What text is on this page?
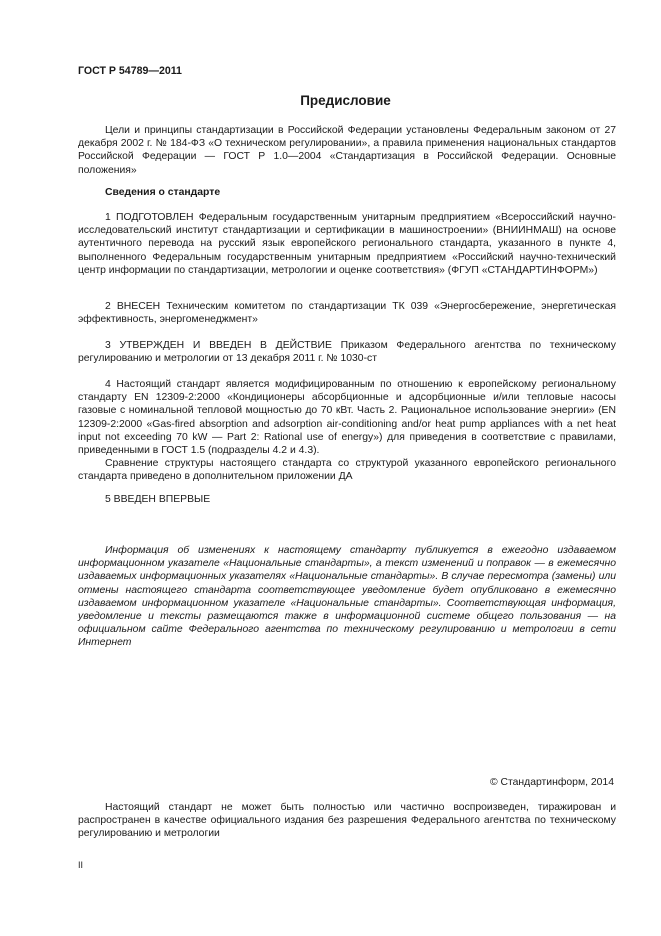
ГОСТ Р 54789—2011
Предисловие

Цели и принципы стандартизации в Российской Федерации установлены Федеральным законом от 27 декабря 2002 г. № 184-ФЗ «О техническом регулировании», а правила применения национальных стандартов Российской Федерации — ГОСТ Р 1.0—2004 «Стандартизация в Российской Федерации. Основные положения»

Сведения о стандарте

1 ПОДГОТОВЛЕН Федеральным государственным унитарным предприятием «Всероссийский научно-исследовательский институт стандартизации и сертификации в машиностроении» (ВНИИНМАШ) на основе аутентичного перевода на русский язык европейского регионального стандарта, указанного в пункте 4, выполненного Федеральным государственным унитарным предприятием «Российский научно-технический центр информации по стандартизации, метрологии и оценке соответствия» (ФГУП «СТАНДАРТИНФОРМ»)

2 ВНЕСЕН Техническим комитетом по стандартизации ТК 039 «Энергосбережение, энергетическая эффективность, энергоменеджмент»

3 УТВЕРЖДЕН И ВВЕДЕН В ДЕЙСТВИЕ Приказом Федерального агентства по техническому регулированию и метрологии от 13 декабря 2011 г. № 1030-ст

4 Настоящий стандарт является модифицированным по отношению к европейскому региональному стандарту EN 12309-2:2000 «Кондиционеры абсорбционные и адсорбционные и/или тепловые насосы газовые с номинальной тепловой мощностью до 70 кВт. Часть 2. Рациональное использование энергии» (EN 12309-2:2000 «Gas-fired absorption and adsorption air-conditioning and/or heat pump appliances with a net heat input not exceeding 70 kW — Part 2: Rational use of energy») для приведения в соответствие с правилами, приведенными в ГОСТ 1.5 (подразделы 4.2 и 4.3).

Сравнение структуры настоящего стандарта со структурой указанного европейского регионального стандарта приведено в дополнительном приложении ДА

5 ВВЕДЕН ВПЕРВЫЕ

Информация об изменениях к настоящему стандарту публикуется в ежегодно издаваемом информационном указателе «Национальные стандарты», а текст изменений и поправок — в ежемесячно издаваемых информационных указателях «Национальные стандарты». В случае пересмотра (замены) или отмены настоящего стандарта соответствующее уведомление будет опубликовано в ежемесячно издаваемом информационном указателе «Национальные стандарты». Соответствующая информация, уведомление и тексты размещаются также в информационной системе общего пользования — на официальном сайте Федерального агентства по техническому регулированию и метрологии в сети Интернет

© Стандартинформ, 2014

Настоящий стандарт не может быть полностью или частично воспроизведен, тиражирован и распространен в качестве официального издания без разрешения Федерального агентства по техническому регулированию и метрологии

II
